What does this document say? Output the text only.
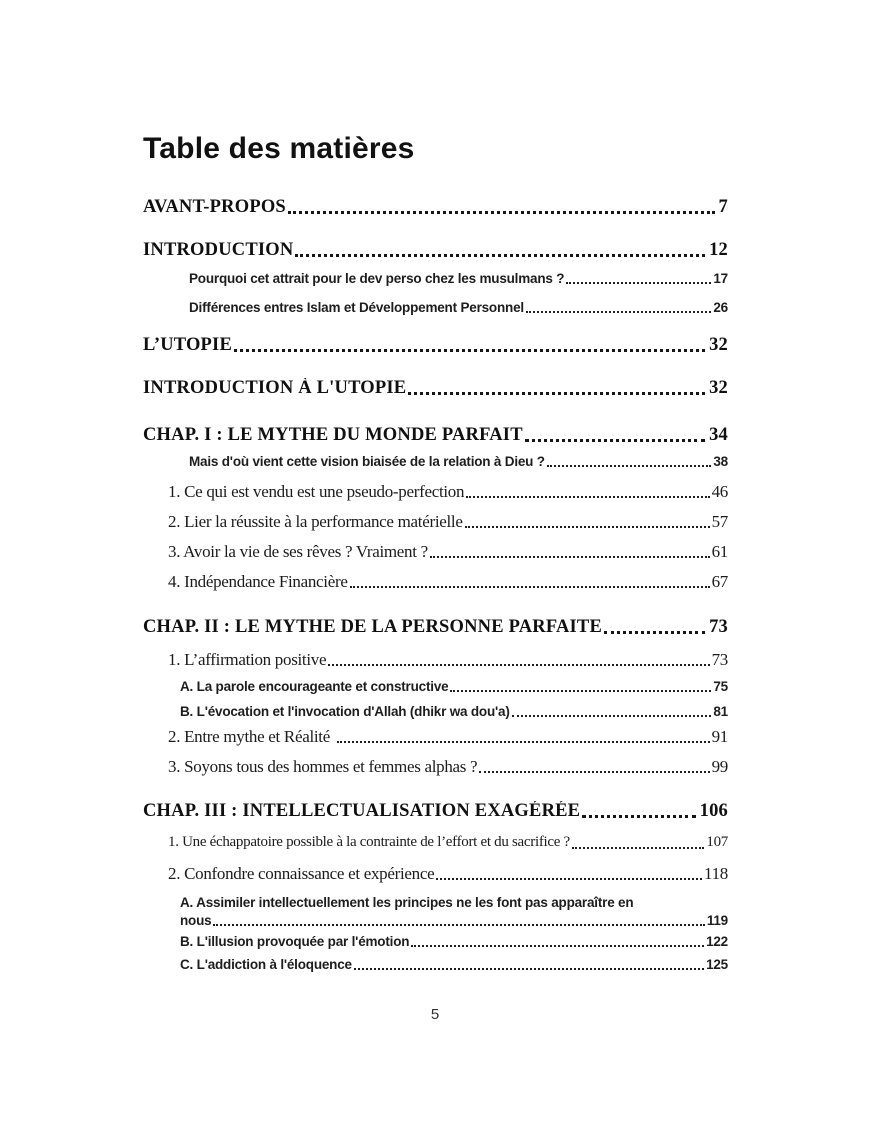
Table des matières
AVANT-PROPOS	7
INTRODUCTION	12
Pourquoi cet attrait pour le dev perso chez les musulmans ?	17
Différences entres Islam et Développement Personnel	26
L’UTOPIE	32
INTRODUCTION À L'UTOPIE	32
CHAP. I : LE MYTHE DU MONDE PARFAIT	34
Mais d'où vient cette vision biaisée de la relation à Dieu ?	38
1. Ce qui est vendu est une pseudo-perfection	46
2. Lier la réussite à la performance matérielle	57
3. Avoir la vie de ses rêves ? Vraiment ?	61
4. Indépendance Financière	67
CHAP. II : LE MYTHE DE LA PERSONNE PARFAITE	73
1. L’affirmation positive	73
A. La parole encourageante et constructive	75
B. L'évocation et l'invocation d'Allah (dhikr wa dou'a)	81
2. Entre mythe et Réalité	91
3. Soyons tous des hommes et femmes alphas ?	99
CHAP. III : INTELLECTUALISATION EXAGÉRÉE	106
1. Une échappatoire possible à la contrainte de l’effort et du sacrifice ?	107
2. Confondre connaissance et expérience	118
A. Assimiler intellectuellement les principes ne les font pas apparaître en
nous	119
B. L'illusion provoquée par l'émotion	122
C. L'addiction à l'éloquence	125
5
